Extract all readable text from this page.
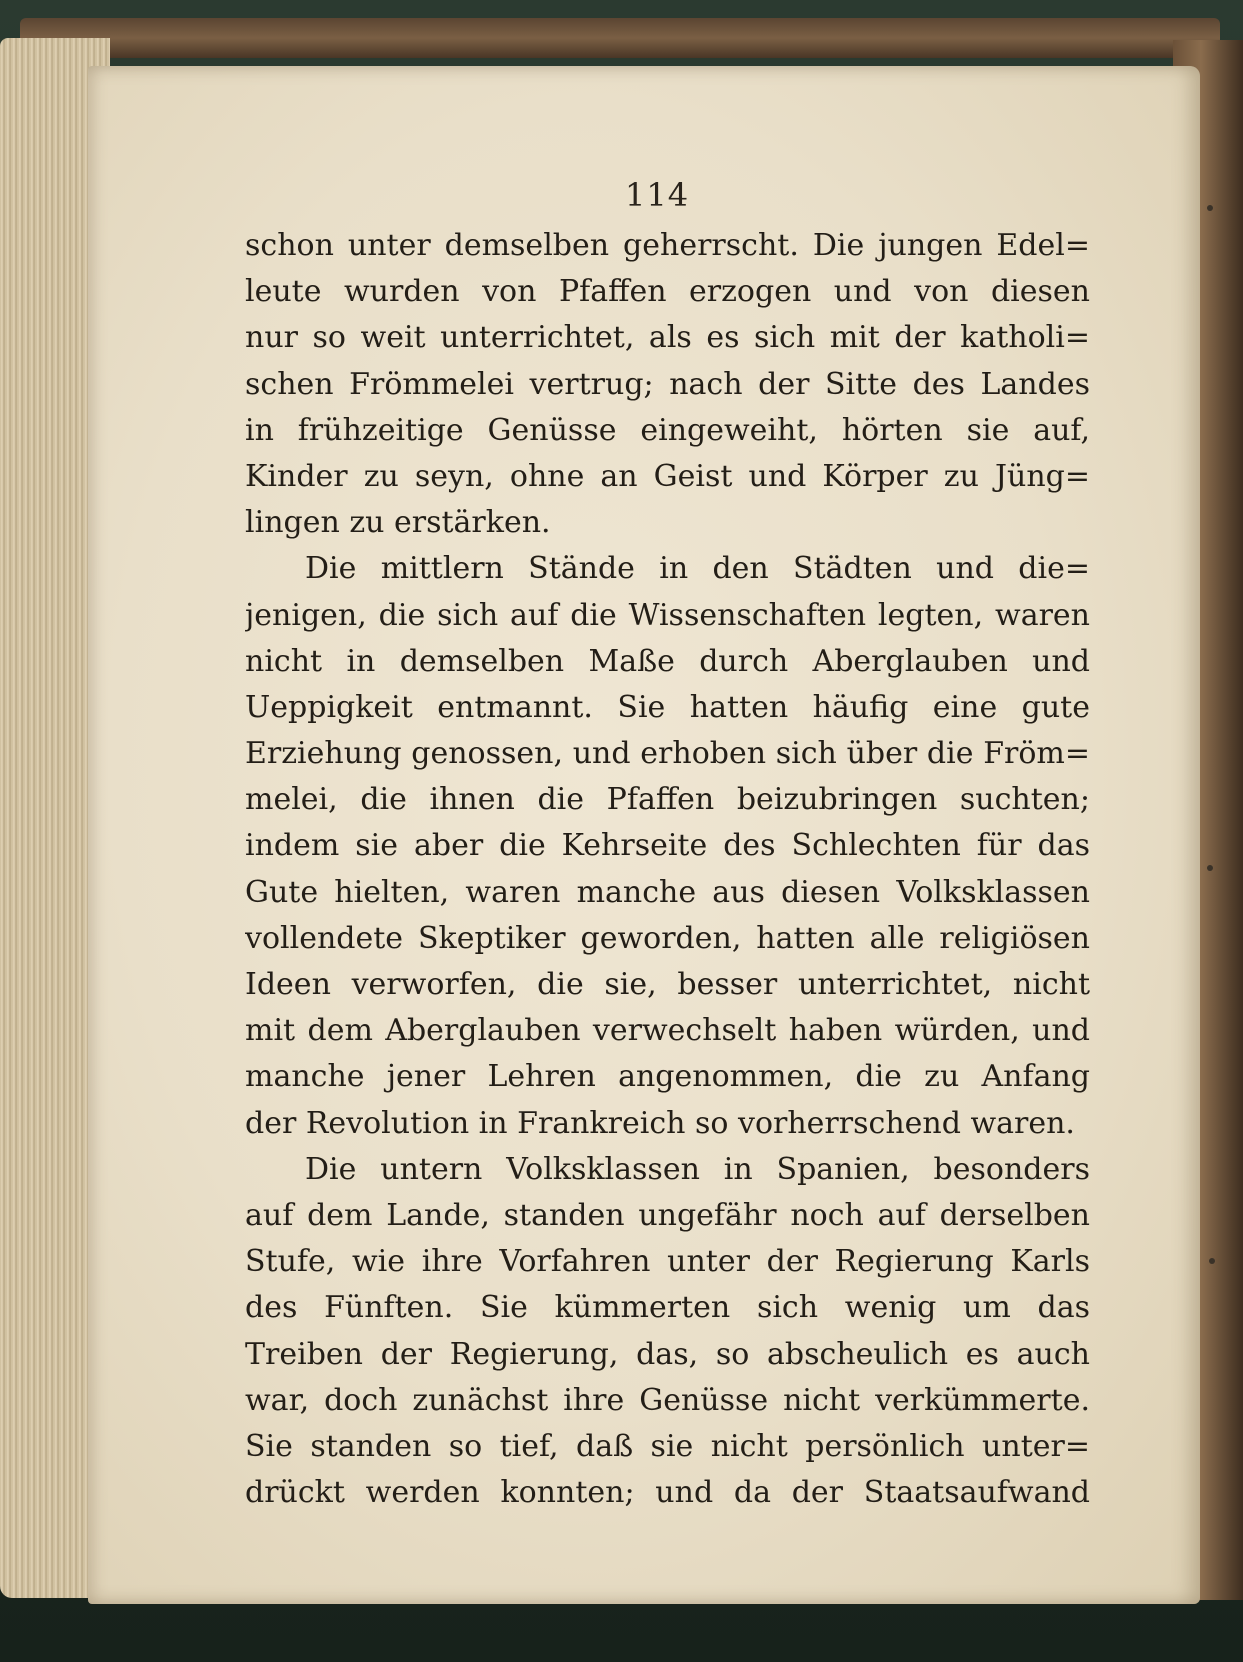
114
schon unter demselben geherrscht. Die jungen Edel=
leute wurden von Pfaffen erzogen und von diesen
nur so weit unterrichtet, als es sich mit der katholi=
schen Frömmelei vertrug; nach der Sitte des Landes
in frühzeitige Genüsse eingeweiht, hörten sie auf,
Kinder zu seyn, ohne an Geist und Körper zu Jüng=
lingen zu erstärken.
Die mittlern Stände in den Städten und die=
jenigen, die sich auf die Wissenschaften legten, waren
nicht in demselben Maße durch Aberglauben und
Ueppigkeit entmannt. Sie hatten häufig eine gute
Erziehung genossen, und erhoben sich über die Fröm=
melei, die ihnen die Pfaffen beizubringen suchten;
indem sie aber die Kehrseite des Schlechten für das
Gute hielten, waren manche aus diesen Volksklassen
vollendete Skeptiker geworden, hatten alle religiösen
Ideen verworfen, die sie, besser unterrichtet, nicht
mit dem Aberglauben verwechselt haben würden, und
manche jener Lehren angenommen, die zu Anfang
der Revolution in Frankreich so vorherrschend waren.
Die untern Volksklassen in Spanien, besonders
auf dem Lande, standen ungefähr noch auf derselben
Stufe, wie ihre Vorfahren unter der Regierung Karls
des Fünften. Sie kümmerten sich wenig um das
Treiben der Regierung, das, so abscheulich es auch
war, doch zunächst ihre Genüsse nicht verkümmerte.
Sie standen so tief, daß sie nicht persönlich unter=
drückt werden konnten; und da der Staatsaufwand
